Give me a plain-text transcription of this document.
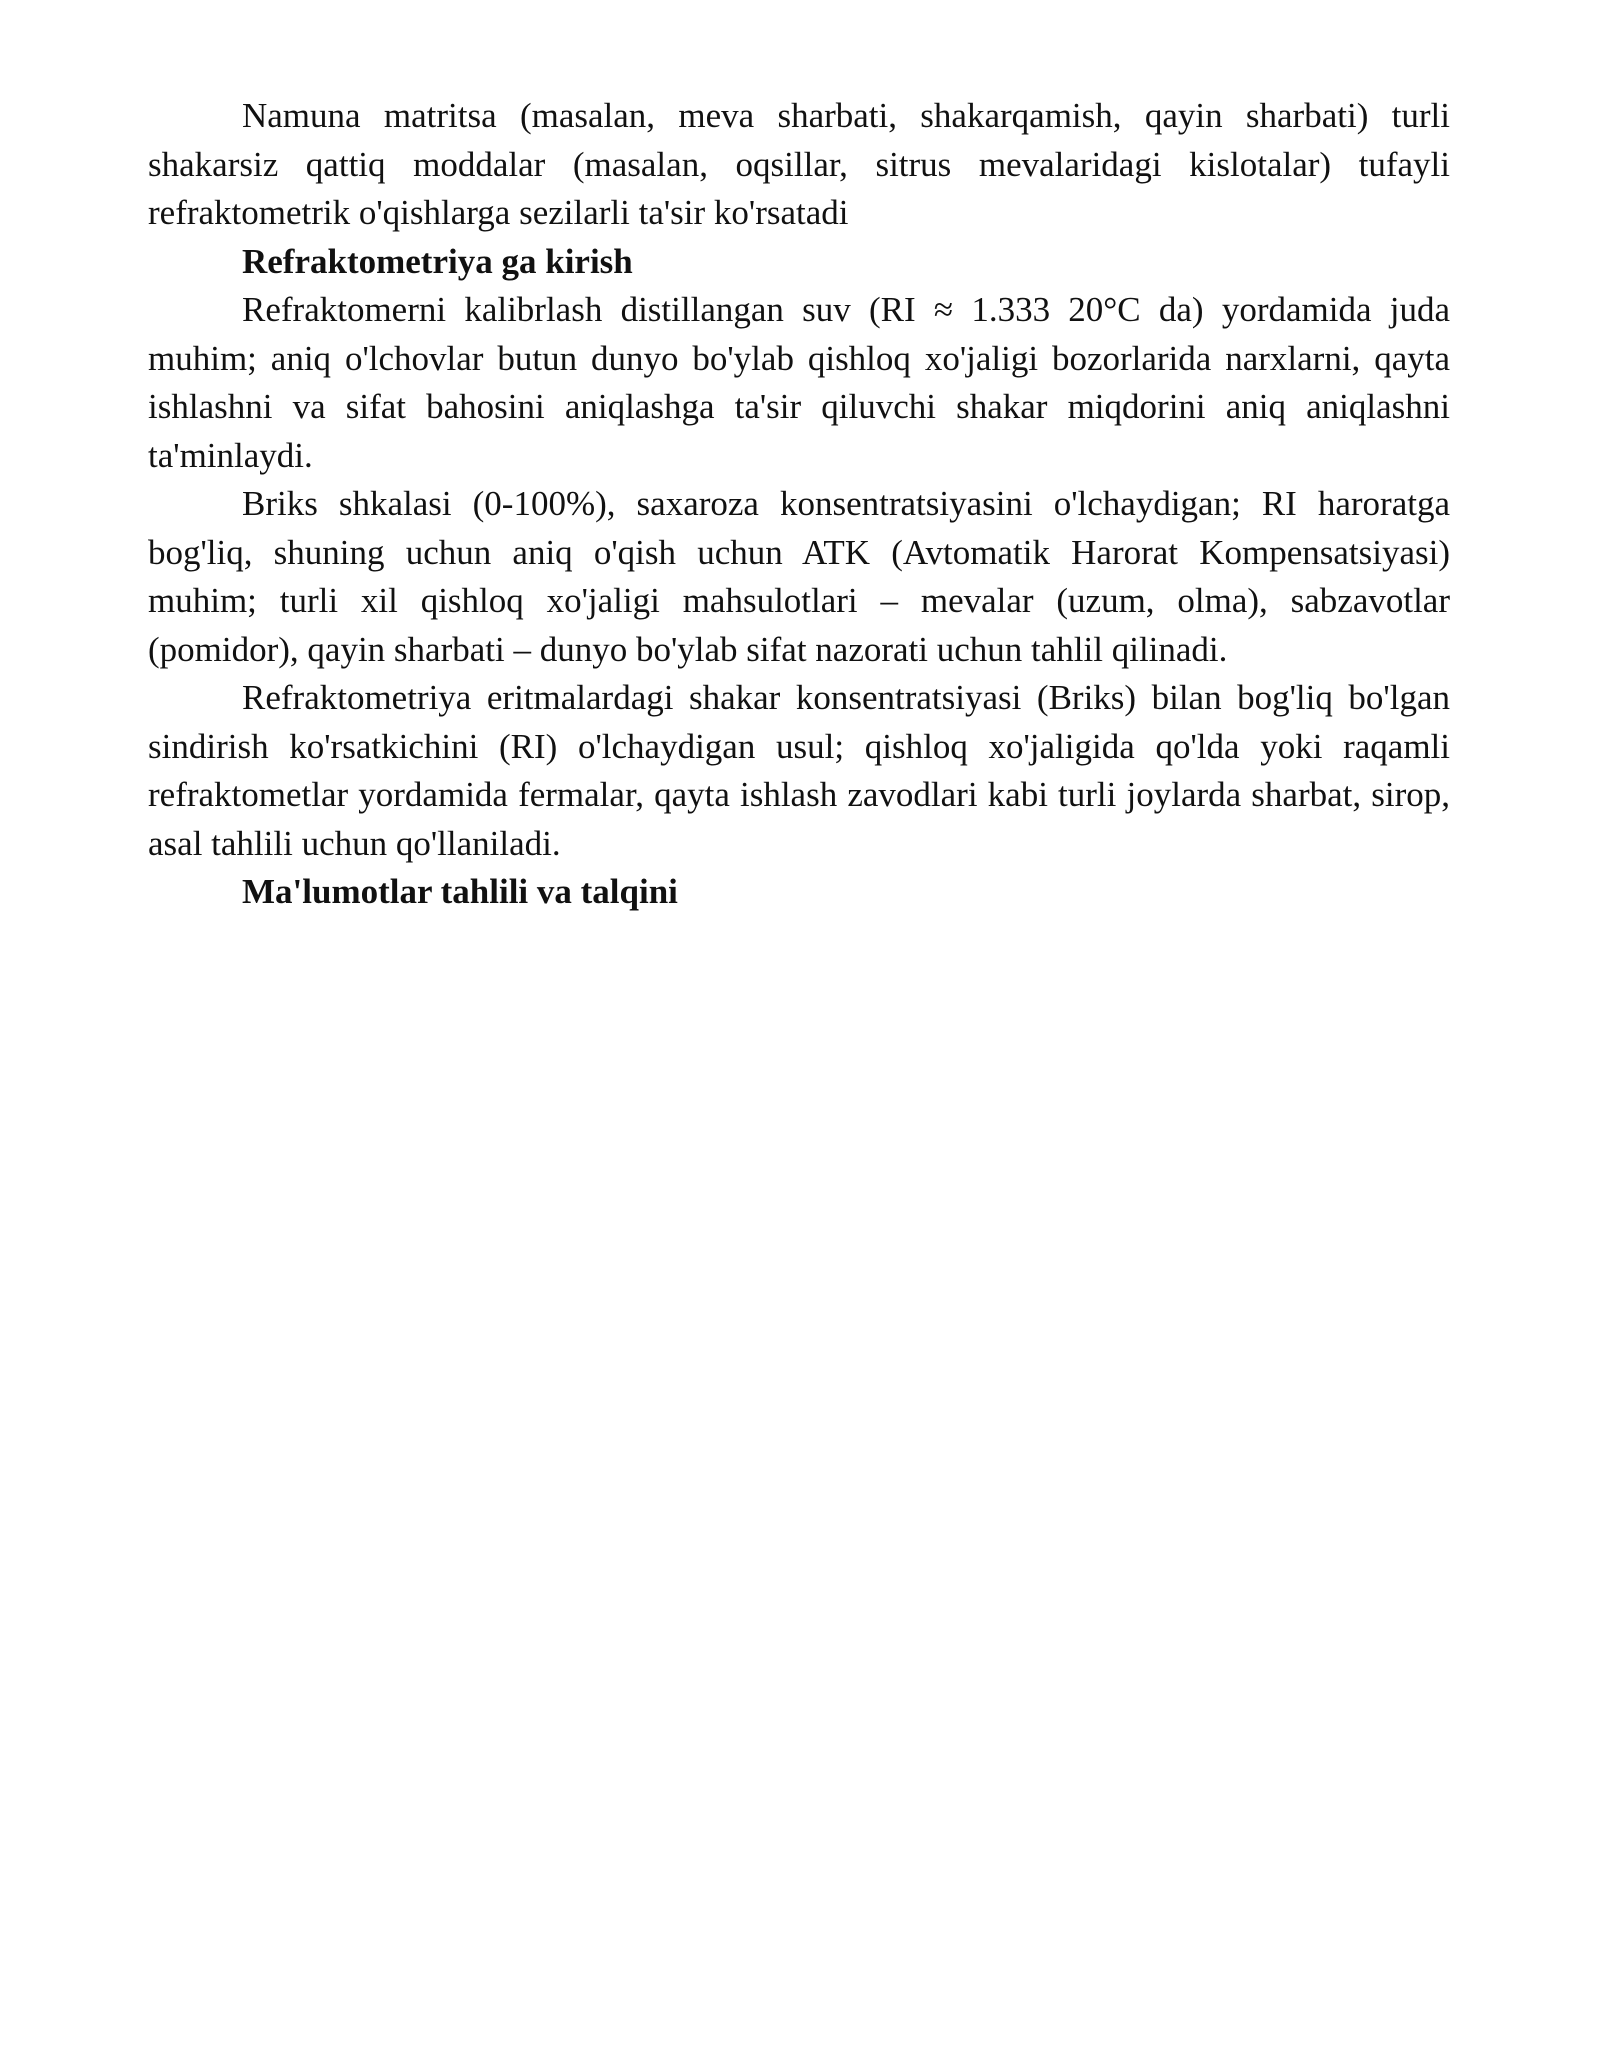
Namuna matritsa (masalan, meva sharbati, shakarqamish, qayin sharbati) turli shakarsiz qattiq moddalar (masalan, oqsillar, sitrus mevalaridagi kislotalar) tufayli refraktometrik o'qishlarga sezilarli ta'sir ko'rsatadi

Refraktometriya ga kirish

Refraktomerni kalibrlash distillangan suv (RI ≈ 1.333 20°C da) yordamida juda muhim; aniq o'lchovlar butun dunyo bo'ylab qishloq xo'jaligi bozorlarida narxlarni, qayta ishlashni va sifat bahosini aniqlashga ta'sir qiluvchi shakar miqdorini aniq aniqlashni ta'minlaydi.

Briks shkalasi (0-100%), saxaroza konsentratsiyasini o'lchaydigan; RI haroratga bog'liq, shuning uchun aniq o'qish uchun ATK (Avtomatik Harorat Kompensatsiyasi) muhim; turli xil qishloq xo'jaligi mahsulotlari – mevalar (uzum, olma), sabzavotlar (pomidor), qayin sharbati – dunyo bo'ylab sifat nazorati uchun tahlil qilinadi.

Refraktometriya eritmalardagi shakar konsentratsiyasi (Briks) bilan bog'liq bo'lgan sindirish ko'rsatkichini (RI) o'lchaydigan usul; qishloq xo'jaligida qo'lda yoki raqamli refraktometlar yordamida fermalar, qayta ishlash zavodlari kabi turli joylarda sharbat, sirop, asal tahlili uchun qo'llaniladi.

Ma'lumotlar tahlili va talqini
